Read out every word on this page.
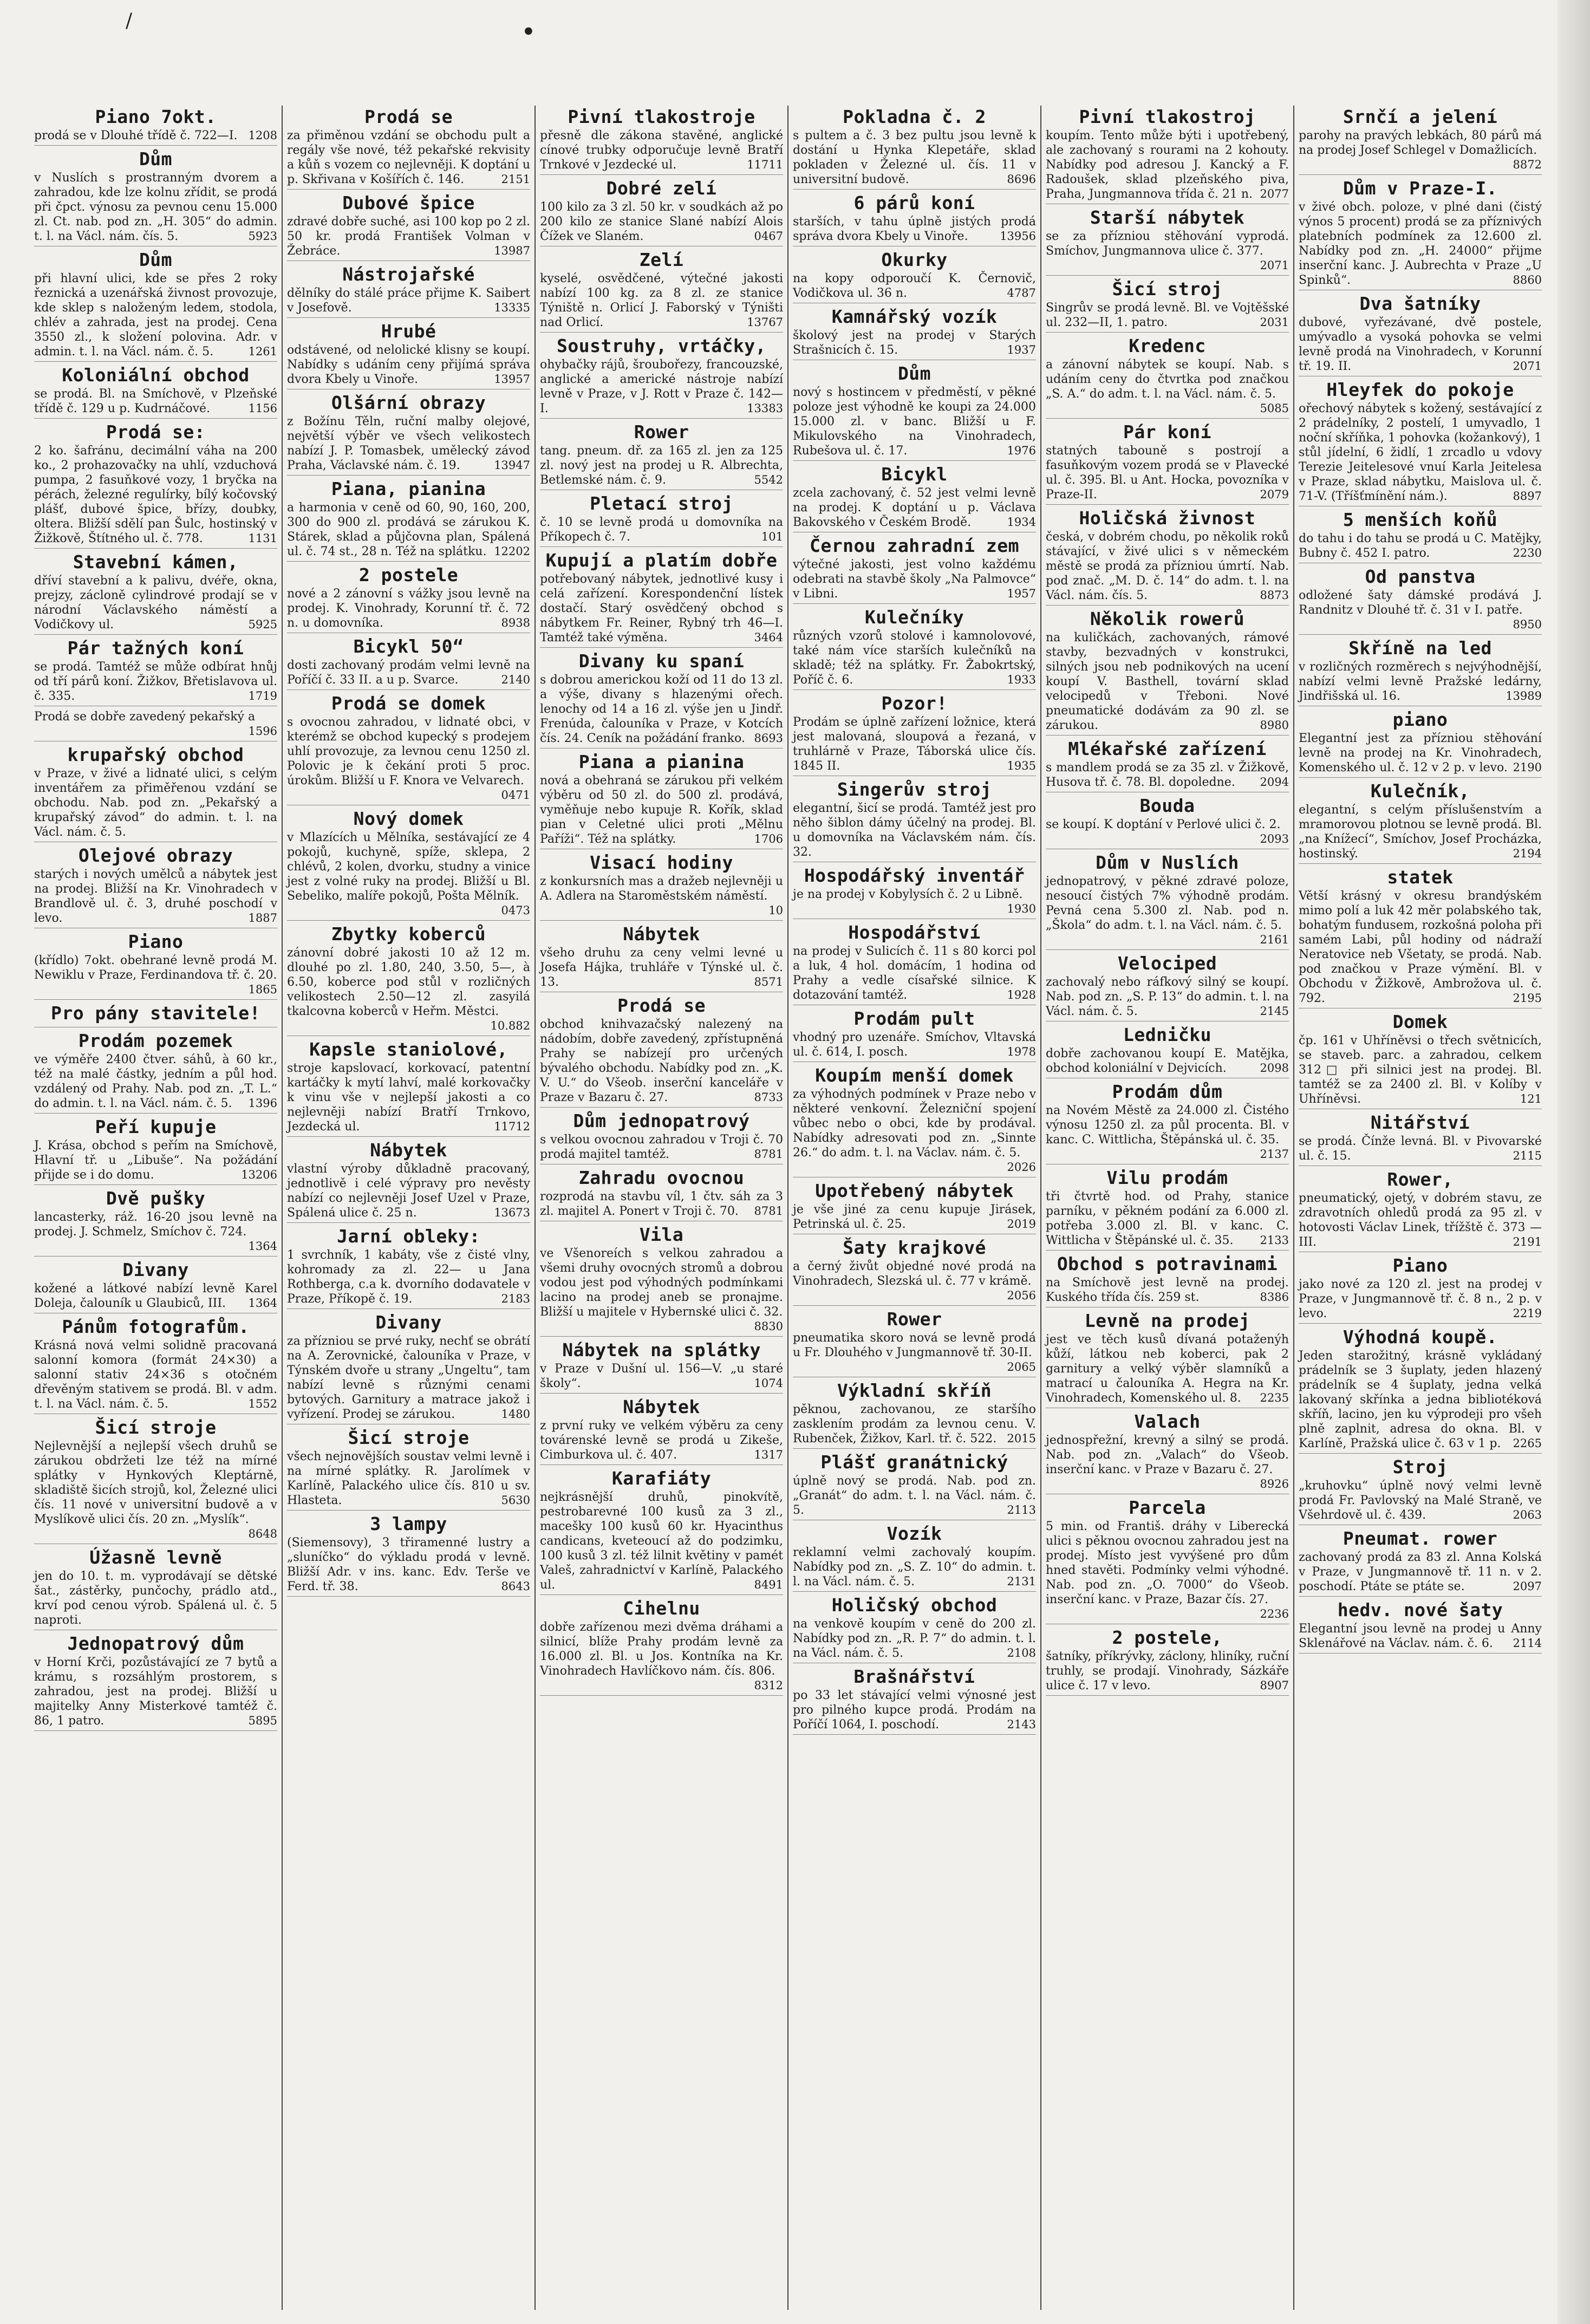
/	●
Piano 7okt.
prodá se v Dlouhé třídě č. 722—I. 1208
Dům
v Nuslích s prostranným dvorem a zahradou, kde lze kolnu zřídit, se prodá při čpct. výnosu za pevnou cenu 15.000 zl. Ct. nab. pod zn. „H. 305“ do admin. t. l. na Václ. nám. čís. 5.	5923
Dům
při hlavní ulici, kde se přes 2 roky řeznická a uzenářská živnost provozuje, kde sklep s naloženým ledem, stodola, chlév a zahrada, jest na prodej. Cena 3550 zl., k složení polovina. Adr. v admin. t. l. na Václ. nám. č. 5.	1261
Koloniální obchod
se prodá. Bl. na Smíchově, v Plzeňské třídě č. 129 u p. Kudrnáčové.	1156
Prodá se:
2 ko. šafránu, decimální váha na 200 ko., 2 prohazovačky na uhlí, vzduchová pumpa, 2 fasuňkové vozy, 1 bryčka na pérách, železné regulírky, bílý kočovský plášť, dubové špice, břízy, doubky, oltera. Bližší sdělí pan Šulc, hostinský v Žižkově, Štítného ul. č. 778.	1131
Stavební kámen,
dříví stavební a k palivu, dvéře, okna, prejzy, zácloně cylindrové prodají se v národní Václavského náměstí a Vodičkovy ul.	5925
Pár tažných koní
se prodá. Tamtéž se může odbírat hnůj od tří párů koní. Žižkov, Břetislavova ul. č. 335.	1719
Prodá se dobře zavedený pekařský a
1596
krupařský obchod
v Praze, v živé a lidnaté ulici, s celým inventářem za přiměřenou vzdání se obchodu. Nab. pod zn. „Pekařský a krupařský závod“ do admin. t. l. na Václ. nám. č. 5.
Olejové obrazy
starých i nových umělců a nábytek jest na prodej. Bližší na Kr. Vinohradech v Brandlově ul. č. 3, druhé poschodí v levo.	1887
Piano
(křídlo) 7okt. obehrané levně prodá M. Newiklu v Praze, Ferdinandova tř. č. 20.
1865
Pro pány stavitele!
Prodám pozemek
ve výměře 2400 čtver. sáhů, à 60 kr., též na malé částky, jedním a půl hod. vzdálený od Prahy. Nab. pod zn. „T. L.“ do admin. t. l. na Václ. nám. č. 5. 1396
Peří kupuje
J. Krása, obchod s peřím na Smíchově, Hlavní tř. u „Libuše“. Na požádání přijde se i do domu.	13206
Dvě pušky
lancasterky, ráž. 16-20 jsou levně na prodej. J. Schmelz, Smíchov č. 724.
1364
Divany
kožené a látkové nabízí levně Karel Doleja, čalouník u Glaubiců, III. 1364
Pánům fotografům.
Krásná nová velmi solidně pracovaná salonní komora (formát 24×30) a salonní stativ 24×36 s otočném dřevěným stativem se prodá. Bl. v adm. t. l. na Václ. nám. č. 5.	1552
Šicí stroje
Nejlevnější a nejlepší všech druhů se zárukou obdržeti lze též na mírné splátky v Hynkových Kleptárně, skladiště šicích strojů, kol, Železné ulici čís. 11 nové v universitní budově a v Myslíkově ulici čís. 20 zn. „Myslík“.
8648
Úžasně levně
jen do 10. t. m. vyprodávají se dětské šat., zástěrky, punčochy, prádlo atd., krví pod cenou výrob. Spálená ul. č. 5 naproti.
Jednopatrový dům
v Horní Krči, pozůstávající ze 7 bytů a krámu, s rozsáhlým prostorem, s zahradou, jest na prodej. Bližší u majitelky Anny Misterkové tamtéž č. 86, 1 patro.	5895
Prodá se
za přiměnou vzdání se obchodu pult a regály vše nové, též pekařské rekvisity a kůň s vozem co nejlevněji. K doptání u p. Skřivana v Košířích č. 146.	2151
Dubové špice
zdravé dobře suché, asi 100 kop po 2 zl. 50 kr. prodá František Volman v Žebráce.	13987
Nástrojařské
dělníky do stálé práce přijme K. Saibert v Josefově.	13335
Hrubé
odstávené, od nelolické klisny se koupí. Nabídky s udáním ceny přijímá správa dvora Kbely u Vinoře.	13957
Olšární obrazy
z Božínu Těln, ruční malby olejové, největší výběr ve všech velikostech nabízí J. P. Tomasbek, umělecký závod Praha, Václavské nám. č. 19.	13947
Piana, pianina
a harmonia v ceně od 60, 90, 160, 200, 300 do 900 zl. prodává se zárukou K. Stárek, sklad a půjčovna plan, Spálená ul. č. 74 st., 28 n. Též na splátku. 12202
2 postele
nové a 2 zánovní s vážky jsou levně na prodej. K. Vinohrady, Korunní tř. č. 72 n. u domovníka.	8938
Bicykl 50“
dosti zachovaný prodám velmi levně na Poříčí č. 33 II. a u p. Svarce.	2140
Prodá se domek
s ovocnou zahradou, v lidnaté obci, v kterémž se obchod kupecký s prodejem uhlí provozuje, za levnou cenu 1250 zl. Polovic je k čekání proti 5 proc. úrokům. Bližší u F. Knora ve Velvarech.
0471
Nový domek
v Mlazících u Mělníka, sestávající ze 4 pokojů, kuchyně, spíže, sklepa, 2 chlévů, 2 kolen, dvorku, studny a vinice jest z volné ruky na prodej. Bližší u Bl. Sebeliko, malíře pokojů, Pošta Mělník.
0473
Zbytky koberců
zánovní dobré jakosti 10 až 12 m. dlouhé po zl. 1.80, 240, 3.50, 5—, à 6.50, koberce pod stůl v rozličných velikostech 2.50—12 zl. zasyilá tkalcovna koberců v Heřm. Městci.
10.882
Kapsle staniolové,
stroje kapslovací, korkovací, patentní kartáčky k mytí lahví, malé korkovačky k vinu vše v nejlepší jakosti a co nejlevněji nabízí Bratří Trnkovo, Jezdecká ul.	11712
Nábytek
vlastní výroby důkladně pracovaný, jednotlivě i celé výpravy pro nevěsty nabízí co nejlevněji Josef Uzel v Praze, Spálená ulice č. 25 n.	13673
Jarní obleky:
1 svrchník, 1 kabáty, vše z čisté vlny, kohromady za zl. 22— u Jana Rothberga, c.a k. dvorního dodavatele v Praze, Příkopě č. 19.	2183
Divany
za přízniou se prvé ruky, nechť se obrátí na A. Zerovnické, čalouníka v Praze, v Týnském dvoře u strany „Ungeltu“, tam nabízí levně s různými cenami bytových. Garnitury a matrace jakož i vyřízení. Prodej se zárukou.	1480
Šicí stroje
všech nejnovějších soustav velmi levně i na mírné splátky. R. Jarolímek v Karlíně, Palackého ulice čís. 810 u sv. Hlasteta.	5630
3 lampy
(Siemensovy), 3 třiramenné lustry a „sluníčko“ do výkladu prodá v levně. Bližší Adr. v ins. kanc. Edv. Terše ve Ferd. tř. 38.	8643
Pivní tlakostroje
přesně dle zákona stavěné, anglické cínové trubky odporučuje levně Bratří Trnkové v Jezdecké ul.	11711
Dobré zelí
100 kilo za 3 zl. 50 kr. v soudkách až po 200 kilo ze stanice Slané nabízí Alois Čížek ve Slaném.	0467
Zelí
kyselé, osvědčené, výtečné jakosti nabízí 100 kg. za 8 zl. ze stanice Týniště n. Orlicí J. Faborský v Týništi nad Orlicí.	13767
Soustruhy, vrtáčky,
ohybačky rájů, šroubořezy, francouzské, anglické a americké nástroje nabízí levně v Praze, v J. Rott v Praze č. 142—I.	13383
Rower
tang. pneum. dř. za 165 zl. jen za 125 zl. nový jest na prodej u R. Albrechta, Betlemské nám. č. 9.	5542
Pletací stroj
č. 10 se levně prodá u domovníka na Příkopech č. 7.	101
Kupují a platím dobře
potřebovaný nábytek, jednotlivé kusy i celá zařízení. Korespondenční lístek dostačí. Starý osvědčený obchod s nábytkem Fr. Reiner, Rybný trh 46—I. Tamtéž také výměna.	3464
Divany ku spaní
s dobrou americkou koží od 11 do 13 zl. a výše, divany s hlazenými ořech. lenochy od 14 a 16 zl. výše jen u Jindř. Frenúda, čalouníka v Praze, v Kotcích čís. 24. Ceník na požádání franko. 8693
Piana a pianina
nová a obehraná se zárukou při velkém výběru od 50 zl. do 500 zl. prodává, vyměňuje nebo kupuje R. Kořík, sklad pian v Celetné ulici proti „Mělnu Paříži“. Též na splátky.	1706
Visací hodiny
z konkursních mas a dražeb nejlevněji u A. Adlera na Staroměstském náměstí.
10
Nábytek
všeho druhu za ceny velmi levné u Josefa Hájka, truhláře v Týnské ul. č. 13.	8571
Prodá se
obchod knihvazačský nalezený na nádobím, dobře zavedený, zpřístupněná Prahy se nabízejí pro určených bývalého obchodu. Nabídky pod zn. „K. V. U.“ do Všeob. inserční kanceláře v Praze v Bazaru č. 27.	8733
Dům jednopatrový
s velkou ovocnou zahradou v Troji č. 70 prodá majitel tamtéž.	8781
Zahradu ovocnou
rozprodá na stavbu víl, 1 čtv. sáh za 3 zl. majitel A. Ponert v Troji č. 70. 8781
Vila
ve Všenoreích s velkou zahradou a všemi druhy ovocných stromů a dobrou vodou jest pod výhodných podmínkami lacino na prodej aneb se pronajme. Bližší u majitele v Hybernské ulici č. 32.
8830
Nábytek na splátky
v Praze v Dušní ul. 156—V. „u staré školy“.	1074
Nábytek
z první ruky ve velkém výběru za ceny továrenské levně se prodá u Zikeše, Cimburkova ul. č. 407.	1317
Karafiáty
nejkrásnější druhů, pinokvítě, pestrobarevné 100 kusů za 3 zl., macešky 100 kusů 60 kr. Hyacinthus candicans, kveteoucí až do podzimku, 100 kusů 3 zl. též lilnit květiny v pamét Valeš, zahradnictví v Karlíně, Palackého ul.	8491
Cihelnu
dobře zařízenou mezi dvěma dráhami a silnicí, blíže Prahy prodám levně za 16.000 zl. Bl. u Jos. Kontníka na Kr. Vinohradech Havlíčkovo nám. čís. 806.
8312
Pokladna č. 2
s pultem a č. 3 bez pultu jsou levně k dostání u Hynka Klepetáře, sklad pokladen v Železné ul. čís. 11 v universitní budově.	8696
6 párů koní
starších, v tahu úplně jistých prodá správa dvora Kbely u Vinoře.	13956
Okurky
na kopy odporoučí K. Černovič, Vodičkova ul. 36 n.	4787
Kamnářský vozík
školový jest na prodej v Starých Strašnicích č. 15.	1937
Dům
nový s hostincem v předměstí, v pěkné poloze jest výhodně ke koupi za 24.000 15.000 zl. v banc. Bližší u F. Mikulovského na Vinohradech, Rubešova ul. č. 17.	1976
Bicykl
zcela zachovaný, č. 52 jest velmi levně na prodej. K doptání u p. Václava Bakovského v Českém Brodě.	1934
Černou zahradní zem
výtečné jakosti, jest volno každému odebrati na stavbě školy „Na Palmovce“ v Libni.	1957
Kulečníky
různých vzorů stolové i kamnolovové, také nám více starších kulečníků na skladě; též na splátky. Fr. Žabokrtský, Poříč č. 6.	1933
Pozor!
Prodám se úplně zařízení ložnice, která jest malovaná, sloupová a řezaná, v truhlárně v Praze, Táborská ulice čís. 1845 II.	1935
Singerův stroj
elegantní, šicí se prodá. Tamtéž jest pro něho šiblon dámy účelný na prodej. Bl. u domovníka na Václavském nám. čís. 32.
Hospodářský inventář
je na prodej v Kobylysích č. 2 u Libně.
1930
Hospodářství
na prodej v Sulicích č. 11 s 80 korci pol a luk, 4 hol. domácím, 1 hodina od Prahy a vedle císařské silnice. K dotazování tamtéž.	1928
Prodám pult
vhodný pro uzenáře. Smíchov, Vltavská ul. č. 614, I. posch.	1978
Koupím menší domek
za výhodných podmínek v Praze nebo v některé venkovní. Železniční spojení vůbec nebo o obci, kde by prodával. Nabídky adresovati pod zn. „Sinnte 26.“ do adm. t. l. na Václav. nám. č. 5.
2026
Upotřebený nábytek
je vše jiné za cenu kupuje Jirásek, Petrinská ul. č. 25.	2019
Šaty krajkové
a černý živůt objedné nové prodá na Vinohradech, Slezská ul. č. 77 v krámě.
2056
Rower
pneumatika skoro nová se levně prodá u Fr. Dlouhého v Jungmannově tř. 30-II.
2065
Výkladní skříň
pěknou, zachovanou, ze staršího zasklením prodám za levnou cenu. V. Rubenček, Žižkov, Karl. tř. č. 522. 2015
Plášť granátnický
úplně nový se prodá. Nab. pod zn. „Granát“ do adm. t. l. na Václ. nám. č. 5.	2113
Vozík
reklamní velmi zachovalý koupím. Nabídky pod zn. „S. Z. 10“ do admin. t. l. na Václ. nám. č. 5.	2131
Holičský obchod
na venkově koupím v ceně do 200 zl. Nabídky pod zn. „R. P. 7“ do admin. t. l. na Václ. nám. č. 5.	2108
Brašnářství
po 33 let stávající velmi výnosné jest pro pilného kupce prodá. Prodám na Poříčí 1064, I. poschodí.	2143
Pivní tlakostroj
koupím. Tento může býti i upotřebený, ale zachovaný s rourami na 2 kohouty. Nabídky pod adresou J. Kancký a F. Radoušek, sklad plzeňského piva, Praha, Jungmannova třída č. 21 n. 2077
Starší nábytek
se za přízniou stěhování vyprodá. Smíchov, Jungmannova ulice č. 377.
2071
Šicí stroj
Singrův se prodá levně. Bl. ve Vojtěšské ul. 232—II, 1. patro.	2031
Kredenc
a zánovní nábytek se koupí. Nab. s udáním ceny do čtvrtka pod značkou „S. A.“ do adm. t. l. na Václ. nám. č. 5.
5085
Pár koní
statných tabouně s postrojí a fasuňkovým vozem prodá se v Plavecké ul. č. 395. Bl. u Ant. Hocka, povozníka v Praze-II.	2079
Holičská živnost
česká, v dobrém chodu, po několik roků stávající, v živé ulici s v německém městě se prodá za přízniou úmrtí. Nab. pod znač. „M. D. č. 14“ do adm. t. l. na Václ. nám. čís. 5.	8873
Několik rowerů
na kuličkách, zachovaných, rámové stavby, bezvadných v konstrukci, silných jsou neb podnikových na ucení koupí V. Basthell, tovární sklad velocipedů v Třeboni. Nové pneumatické dodávám za 90 zl. se zárukou.	8980
Mlékařské zařízení
s mandlem prodá se za 35 zl. v Žižkově, Husova tř. č. 78. Bl. dopoledne. 2094
Bouda
se koupí. K doptání v Perlové ulici č. 2.
2093
Dům v Nuslích
jednopatrový, v pěkné zdravé poloze, nesoucí čistých 7% výhodně prodám. Pevná cena 5.300 zl. Nab. pod n. „Škola“ do adm. t. l. na Václ. nám. č. 5.
2161
Velociped
zachovalý nebo ráfkový silný se koupí. Nab. pod zn. „S. P. 13“ do admin. t. l. na Václ. nám. č. 5.	2145
Ledničku
dobře zachovanou koupí E. Matějka, obchod koloniální v Dejvicích.	2098
Prodám dům
na Novém Městě za 24.000 zl. Čistého výnosu 1250 zl. za půl procenta. Bl. v kanc. C. Wittlicha, Štěpánská ul. č. 35.
2137
Vilu prodám
tři čtvrtě hod. od Prahy, stanice parníku, v pěkném podání za 6.000 zl. potřeba 3.000 zl. Bl. v kanc. C. Wittlicha v Štěpánské ul. č. 35. 2133
Obchod s potravinami
na Smíchově jest levně na prodej. Kuského třída čís. 259 st.	8386
Levně na prodej
jest ve těch kusů dívaná potaženýh kůží, látkou neb koberci, pak 2 garnitury a velký výběr slamníků a matrací u čalouníka A. Hegra na Kr. Vinohradech, Komenského ul. 8. 2235
Valach
jednospřežní, krevný a silný se prodá. Nab. pod zn. „Valach“ do Všeob. inserční kanc. v Praze v Bazaru č. 27.
8926
Parcela
5 min. od Františ. dráhy v Liberecká ulici s pěknou ovocnou zahradou jest na prodej. Místo jest vyvýšené pro dům hned stavěti. Podmínky velmi výhodné. Nab. pod zn. „O. 7000“ do Všeob. inserční kanc. v Praze, Bazar čís. 27.
2236
2 postele,
šatníky, příkrývky, záclony, hliníky, ruční truhly, se prodají. Vinohrady, Sázkáře ulice č. 17 v levo.	8907
Srnčí a jelení
parohy na pravých lebkách, 80 párů má na prodej Josef Schlegel v Domažlicích.
8872
Dům v Praze-I.
v živé obch. poloze, v plné dani (čistý výnos 5 procent) prodá se za příznivých platebních podmínek za 12.600 zl. Nabídky pod zn. „H. 24000“ přijme inserční kanc. J. Aubrechta v Praze „U Spinků“.	8860
Dva šatníky
dubové, vyřezávané, dvě postele, umývadlo a vysoká pohovka se velmi levně prodá na Vinohradech, v Korunní tř. 19. II.	2071
Hleyfek do pokoje
ořechový nábytek s kožený, sestávající z 2 prádelníky, 2 postelí, 1 umyvadlo, 1 noční skříňka, 1 pohovka (kožankový), 1 stůl jídelní, 6 židlí, 1 zrcadlo u vdovy Terezie Jeitelesové vnuí Karla Jeitelesa v Praze, sklad nábytku, Maislova ul. č. 71-V. (Tříšťmínění nám.).	8897
5 menších koňů
do tahu i do tahu se prodá u C. Matějky, Bubny č. 452 I. patro.	2230
Od panstva
odložené šaty dámské prodává J. Randnitz v Dlouhé tř. č. 31 v I. patře.
8950
Skříně na led
v rozličných rozměrech s nejvýhodnější, nabízí velmi levně Pražské ledárny, Jindřišská ul. 16.	13989
piano
Elegantní jest za přízniou stěhování levně na prodej na Kr. Vinohradech, Komenského ul. č. 12 v 2 p. v levo. 2190
Kulečník,
elegantní, s celým příslušenstvím a mramorovou plotnou se levně prodá. Bl. „na Knížecí“, Smíchov, Josef Procházka, hostinský.	2194
statek
Větší krásný v okresu brandýském mimo polí a luk 42 měr polabského tak, bohatým fundusem, rozkošná poloha při samém Labi, půl hodiny od nádraží Neratovice neb Všetaty, se prodá. Nab. pod značkou v Praze výmění. Bl. v Obchodu v Žižkově, Ambrožova ul. č. 792.	2195
Domek
čp. 161 v Uhříněvsi o třech světnicích, se staveb. parc. a zahradou, celkem 312□ při silnici jest na prodej. Bl. tamtéž se za 2400 zl. Bl. v Kolíby v Uhříněvsi.	121
Nitářství
se prodá. Čínže levná. Bl. v Pivovarské ul. č. 15.	2115
Rower,
pneumatický, ojetý, v dobrém stavu, ze zdravotních ohledů prodá za 95 zl. v hotovosti Václav Linek, třížště č. 373 —III.	2191
Piano
jako nové za 120 zl. jest na prodej v Praze, v Jungmannově tř. č. 8 n., 2 p. v levo.	2219
Výhodná koupě.
Jeden starožitný, krásně vykládaný prádelník se 3 šuplaty, jeden hlazený prádelník se 4 šuplaty, jedna velká lakovaný skřínka a jedna bibliotéková skříň, lacino, jen ku výprodeji pro všeh plně zaplnit, adresa do okna. Bl. v Karlíně, Pražská ulice č. 63 v 1 p. 2265
Stroj
„kruhovku“ úplně nový velmi levně prodá Fr. Pavlovský na Malé Straně, ve Všehrdově ul. č. 439.	2063
Pneumat. rower
zachovaný prodá za 83 zl. Anna Kolská v Praze, v Jungmannově tř. 11 n. v 2. poschodí. Ptáte se ptáte se.	2097
hedv. nové šaty
Elegantní jsou levně na prodej u Anny Sklenářové na Václav. nám. č. 6. 2114
